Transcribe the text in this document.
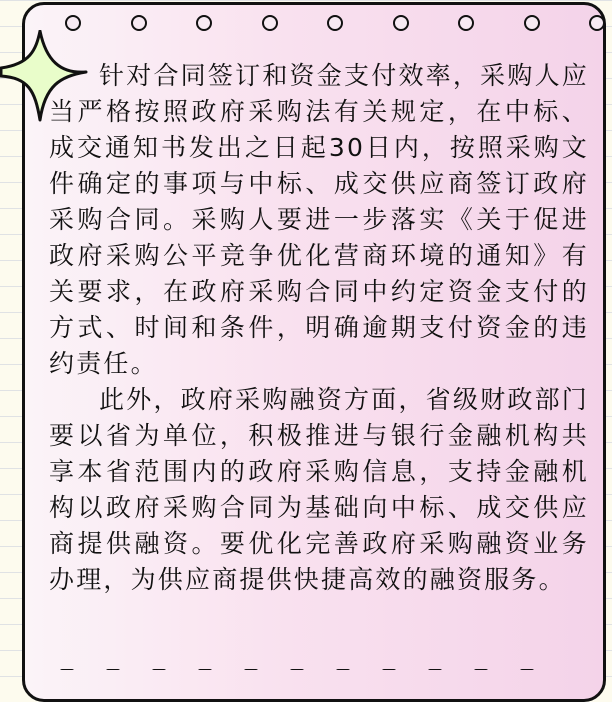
针对合同签订和资金支付效率，采购人应当严格按照政府采购法有关规定，在中标、成交通知书发出之日起30日内，按照采购文件确定的事项与中标、成交供应商签订政府采购合同。采购人要进一步落实《关于促进政府采购公平竞争优化营商环境的通知》有关要求，在政府采购合同中约定资金支付的方式、时间和条件，明确逾期支付资金的违约责任。

此外，政府采购融资方面，省级财政部门要以省为单位，积极推进与银行金融机构共享本省范围内的政府采购信息，支持金融机构以政府采购合同为基础向中标、成交供应商提供融资。要优化完善政府采购融资业务办理，为供应商提供快捷高效的融资服务。
